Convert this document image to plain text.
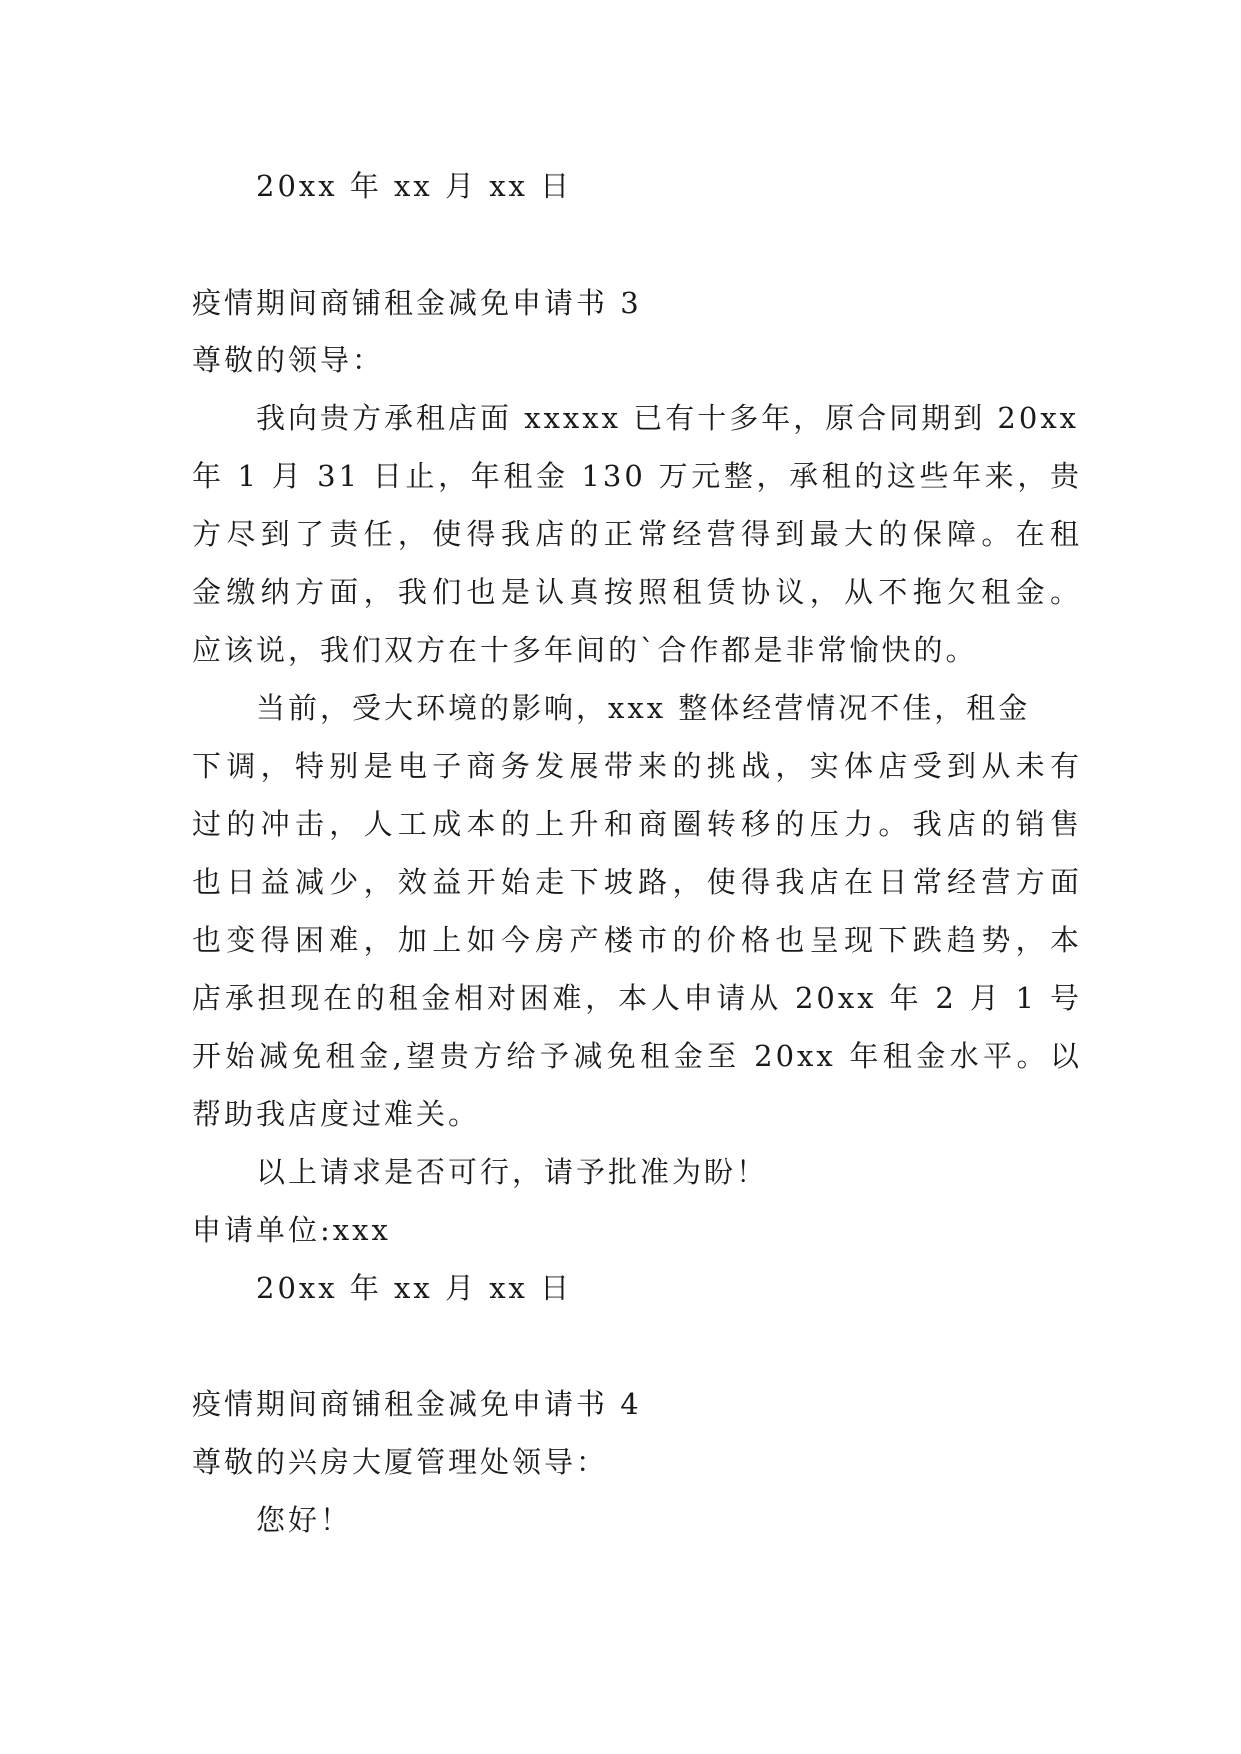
20xx 年 xx 月 xx 日
疫情期间商铺租金减免申请书 3
尊敬的领导：
我向贵方承租店面 xxxxx 已有十多年，原合同期到 20xx
年 1 月 31 日止，年租金 130 万元整，承租的这些年来，贵
方尽到了责任，使得我店的正常经营得到最大的保障。在租
金缴纳方面，我们也是认真按照租赁协议，从不拖欠租金。
应该说，我们双方在十多年间的`合作都是非常愉快的。
当前，受大环境的影响，xxx 整体经营情况不佳，租金
下调，特别是电子商务发展带来的挑战，实体店受到从未有
过的冲击，人工成本的上升和商圈转移的压力。我店的销售
也日益减少，效益开始走下坡路，使得我店在日常经营方面
也变得困难，加上如今房产楼市的价格也呈现下跌趋势，本
店承担现在的租金相对困难，本人申请从 20xx 年 2 月 1 号
开始减免租金,望贵方给予减免租金至 20xx 年租金水平。以
帮助我店度过难关。
以上请求是否可行，请予批准为盼！
申请单位:xxx
20xx 年 xx 月 xx 日
疫情期间商铺租金减免申请书 4
尊敬的兴房大厦管理处领导：
您好！
